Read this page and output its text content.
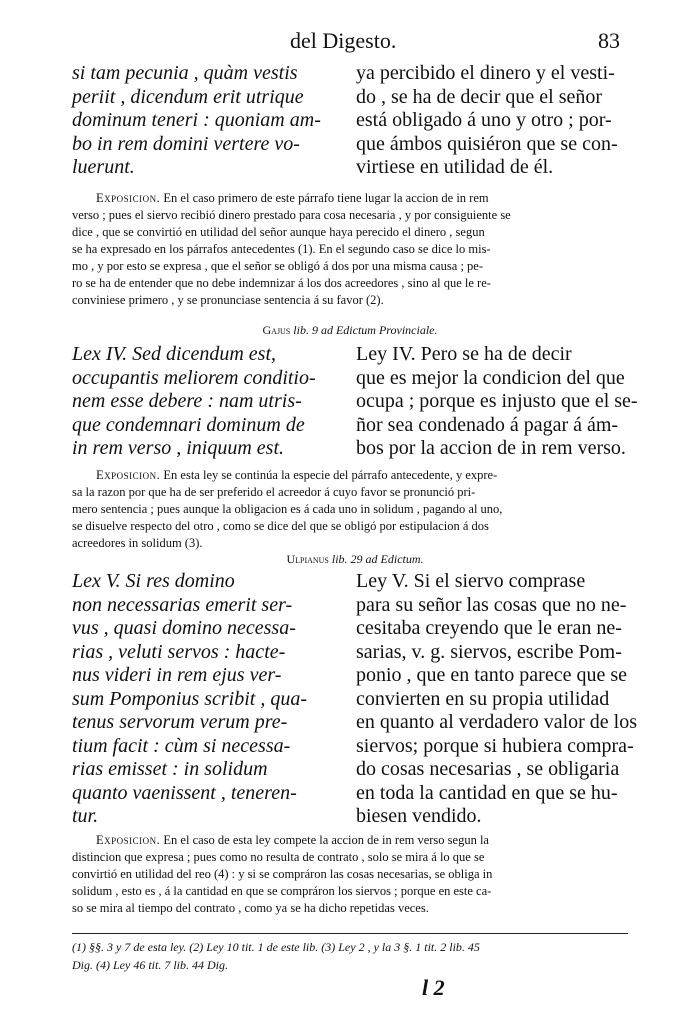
del Digesto.	83
si tam pecunia , quàm vestis
periit , dicendum erit utrique
dominum teneri : quoniam am-
bo in rem domini vertere vo-
luerunt.
ya percibido el dinero y el vesti-
do , se ha de decir que el señor
está obligado á uno y otro ; por-
que ámbos quisiéron que se con-
virtiese en utilidad de él.
Exposicion. En el caso primero de este párrafo tiene lugar la accion de in rem
verso ; pues el siervo recibió dinero prestado para cosa necesaria , y por consiguiente se
dice , que se convirtió en utilidad del señor aunque haya perecido el dinero , segun
se ha expresado en los párrafos antecedentes (1). En el segundo caso se dice lo mis-
mo , y por esto se expresa , que el señor se obligó á dos por una misma causa ; pe-
ro se ha de entender que no debe indemnizar á los dos acreedores , sino al que le re-
conviniese primero , y se pronunciase sentencia á su favor (2).
Gajus lib. 9 ad Edictum Provinciale.
Lex IV. Sed dicendum est,
occupantis meliorem conditio-
nem esse debere : nam utris-
que condemnari dominum de
in rem verso , iniquum est.
Ley IV. Pero se ha de decir
que es mejor la condicion del que
ocupa ; porque es injusto que el se-
ñor sea condenado á pagar á ám-
bos por la accion de in rem verso.
Exposicion. En esta ley se continúa la especie del párrafo antecedente, y expre-
sa la razon por que ha de ser preferido el acreedor á cuyo favor se pronunció pri-
mero sentencia ; pues aunque la obligacion es á cada uno in solidum , pagando al uno,
se disuelve respecto del otro , como se dice del que se obligó por estipulacion á dos
acreedores in solidum (3).
Ulpianus lib. 29 ad Edictum.
Lex V. Si res domino
non necessarias emerit ser-
vus , quasi domino necessa-
rias , veluti servos : hacte-
nus videri in rem ejus ver-
sum Pomponius scribit , qua-
tenus servorum verum pre-
tium facit : cùm si necessa-
rias emisset : in solidum
quanto vaenissent , teneren-
tur.
Ley V. Si el siervo comprase
para su señor las cosas que no ne-
cesitaba creyendo que le eran ne-
sarias, v. g. siervos, escribe Pom-
ponio , que en tanto parece que se
convierten en su propia utilidad
en quanto al verdadero valor de los
siervos; porque si hubiera compra-
do cosas necesarias , se obligaria
en toda la cantidad en que se hu-
biesen vendido.
Exposicion. En el caso de esta ley compete la accion de in rem verso segun la
distincion que expresa ; pues como no resulta de contrato , solo se mira á lo que se
convirtió en utilidad del reo (4) : y si se compráron las cosas necesarias, se obliga in
solidum , esto es , á la cantidad en que se compráron los siervos ; porque en este ca-
so se mira al tiempo del contrato , como ya se ha dicho repetidas veces.
(1) §§. 3 y 7 de esta ley. (2) Ley 10 tit. 1 de este lib. (3) Ley 2 , y la 3 §. 1 tit. 2 lib. 45
Dig. (4) Ley 46 tit. 7 lib. 44 Dig.
l 2
